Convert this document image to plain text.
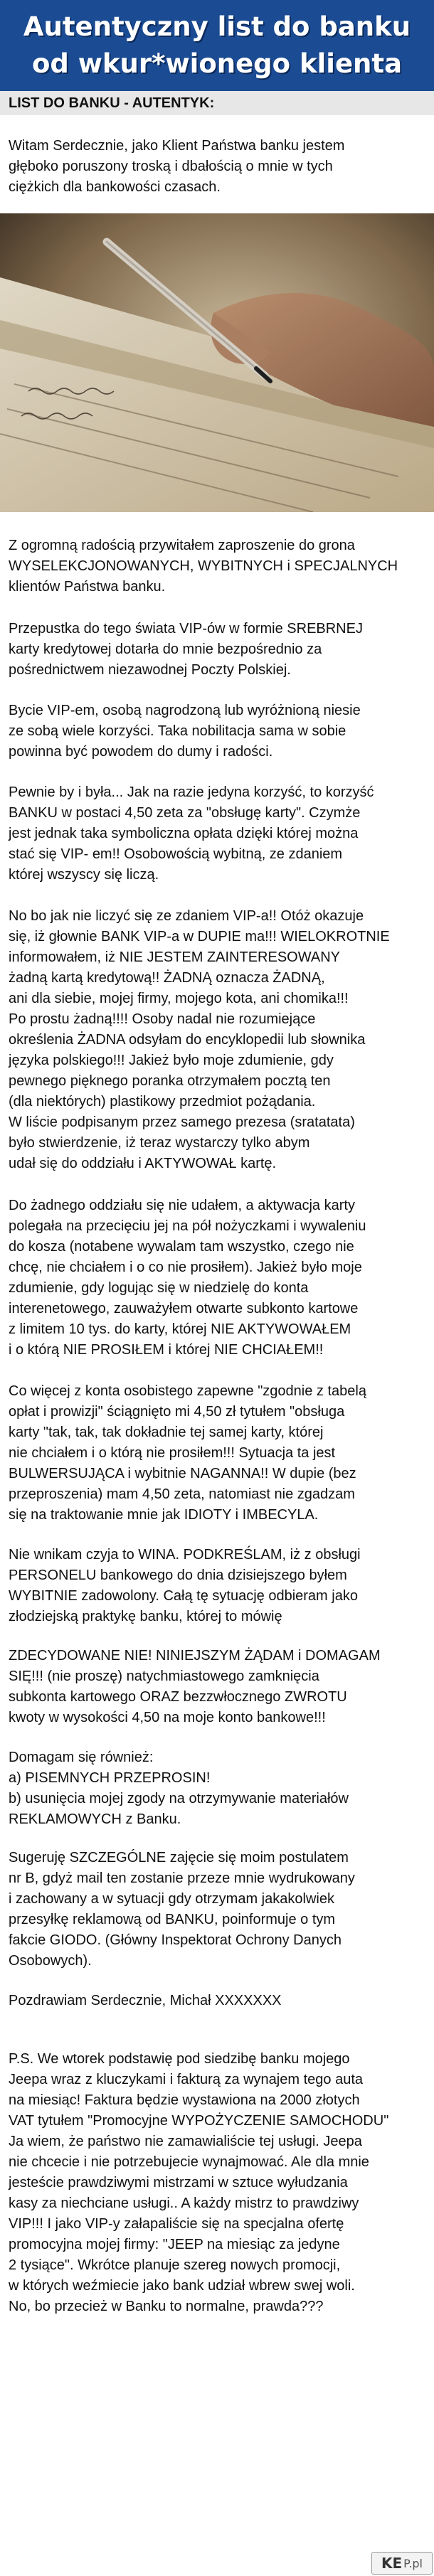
Autentyczny list do banku
od wkur*wionego klienta
LIST DO BANKU - AUTENTYK:

Witam Serdecznie, jako Klient Państwa banku jestem
głęboko poruszony troską i dbałością o mnie w tych
ciężkich dla bankowości czasach.

Z ogromną radością przywitałem zaproszenie do grona
WYSELEKCJONOWANYCH, WYBITNYCH i SPECJALNYCH
klientów Państwa banku.

Przepustka do tego świata VIP-ów w formie SREBRNEJ
karty kredytowej dotarła do mnie bezpośrednio za
pośrednictwem niezawodnej Poczty Polskiej.

Bycie VIP-em, osobą nagrodzoną lub wyróżnioną niesie
ze sobą wiele korzyści. Taka nobilitacja sama w sobie
powinna być powodem do dumy i radości.

Pewnie by i była... Jak na razie jedyna korzyść, to korzyść
BANKU w postaci 4,50 zeta za "obsługę karty". Czymże
jest jednak taka symboliczna opłata dzięki której można
stać się VIP- em!! Osobowością wybitną, ze zdaniem
której wszyscy się liczą.

No bo jak nie liczyć się ze zdaniem VIP-a!! Otóż okazuje
się, iż głownie BANK VIP-a w DUPIE ma!!! WIELOKROTNIE
informowałem, iż NIE JESTEM ZAINTERESOWANY
żadną kartą kredytową!! ŻADNĄ oznacza ŻADNĄ,
ani dla siebie, mojej firmy, mojego kota, ani chomika!!!
Po prostu żadną!!!! Osoby nadal nie rozumiejące
określenia ŻADNA odsyłam do encyklopedii lub słownika
języka polskiego!!! Jakież było moje zdumienie, gdy
pewnego pięknego poranka otrzymałem pocztą ten
(dla niektórych) plastikowy przedmiot pożądania.
W liście podpisanym przez samego prezesa (sratatata)
było stwierdzenie, iż teraz wystarczy tylko abym
udał się do oddziału i AKTYWOWAŁ kartę.

Do żadnego oddziału się nie udałem, a aktywacja karty
polegała na przecięciu jej na pół nożyczkami i wywaleniu
do kosza (notabene wywalam tam wszystko, czego nie
chcę, nie chciałem i o co nie prosiłem). Jakież było moje
zdumienie, gdy logując się w niedzielę do konta
interenetowego, zauważyłem otwarte subkonto kartowe
z limitem 10 tys. do karty, której NIE AKTYWOWAŁEM
i o którą NIE PROSIŁEM i której NIE CHCIAŁEM!!

Co więcej z konta osobistego zapewne "zgodnie z tabelą
opłat i prowizji" ściągnięto mi 4,50 zł tytułem "obsługa
karty "tak, tak, tak dokładnie tej samej karty, której
nie chciałem i o którą nie prosiłem!!! Sytuacja ta jest
BULWERSUJĄCA i wybitnie NAGANNA!! W dupie (bez
przeproszenia) mam 4,50 zeta, natomiast nie zgadzam
się na traktowanie mnie jak IDIOTY i IMBECYLA.

Nie wnikam czyja to WINA. PODKREŚLAM, iż z obsługi
PERSONELU bankowego do dnia dzisiejszego byłem
WYBITNIE zadowolony. Całą tę sytuację odbieram jako
złodziejską praktykę banku, której to mówię

ZDECYDOWANE NIE! NINIEJSZYM ŻĄDAM i DOMAGAM
SIĘ!!! (nie proszę) natychmiastowego zamknięcia
subkonta kartowego ORAZ bezzwłocznego ZWROTU
kwoty w wysokości 4,50 na moje konto bankowe!!!

Domagam się również:
a) PISEMNYCH PRZEPROSIN!
b) usunięcia mojej zgody na otrzymywanie materiałów
REKLAMOWYCH z Banku.

Sugeruję SZCZEGÓLNE zajęcie się moim postulatem
nr B, gdyż mail ten zostanie przeze mnie wydrukowany
i zachowany a w sytuacji gdy otrzymam jakakolwiek
przesyłkę reklamową od BANKU, poinformuje o tym
fakcie GIODO. (Główny Inspektorat Ochrony Danych
Osobowych).

Pozdrawiam Serdecznie, Michał XXXXXXX

P.S. We wtorek podstawię pod siedzibę banku mojego
Jeepa wraz z kluczykami i fakturą za wynajem tego auta
na miesiąc! Faktura będzie wystawiona na 2000 złotych
VAT tytułem "Promocyjne WYPOŻYCZENIE SAMOCHODU"
Ja wiem, że państwo nie zamawialiście tej usługi. Jeepa
nie chcecie i nie potrzebujecie wynajmować. Ale dla mnie
jesteście prawdziwymi mistrzami w sztuce wyłudzania
kasy za niechciane usługi.. A każdy mistrz to prawdziwy
VIP!!! I jako VIP-y załapaliście się na specjalna ofertę
promocyjna mojej firmy: "JEEP na miesiąc za jedyne
2 tysiące". Wkrótce planuje szereg nowych promocji,
w których weźmiecie jako bank udział wbrew swej woli.
No, bo przecież w Banku to normalne, prawda???

KE P.pl
